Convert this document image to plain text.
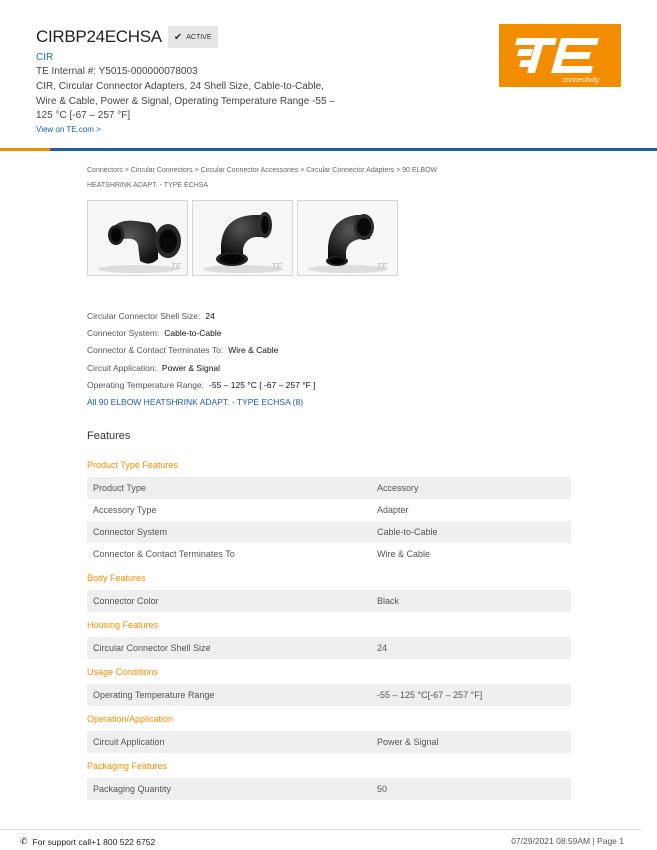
CIRBP24ECHSA ✔ ACTIVE
CIR
TE Internal #: Y5015-000000078003
CIR, Circular Connector Adapters, 24 Shell Size, Cable-to-Cable, Wire & Cable, Power & Signal, Operating Temperature Range -55 – 125 °C [-67 – 257 °F]
View on TE.com >
connectivity
Connectors > Circular Connectors > Circular Connector Accessories > Circular Connector Adapters > 90 ELBOW HEATSHRINK ADAPT. - TYPE ECHSA
TE	TE	TE
Circular Connector Shell Size: 24
Connector System: Cable-to-Cable
Connector & Contact Terminates To: Wire & Cable
Circuit Application: Power & Signal
Operating Temperature Range: -55 – 125 °C [ -67 – 257 °F ]
All 90 ELBOW HEATSHRINK ADAPT. - TYPE ECHSA (8)
Features
Product Type Features
Product Type	Accessory
Accessory Type	Adapter
Connector System	Cable-to-Cable
Connector & Contact Terminates To	Wire & Cable
Body Features
Connector Color	Black
Housing Features
Circular Connector Shell Size	24
Usage Conditions
Operating Temperature Range	-55 – 125 °C[-67 – 257 °F]
Operation/Application
Circuit Application	Power & Signal
Packaging Features
Packaging Quantity	50
✆ For support call+1 800 522 6752	07/29/2021 08:59AM | Page 1
